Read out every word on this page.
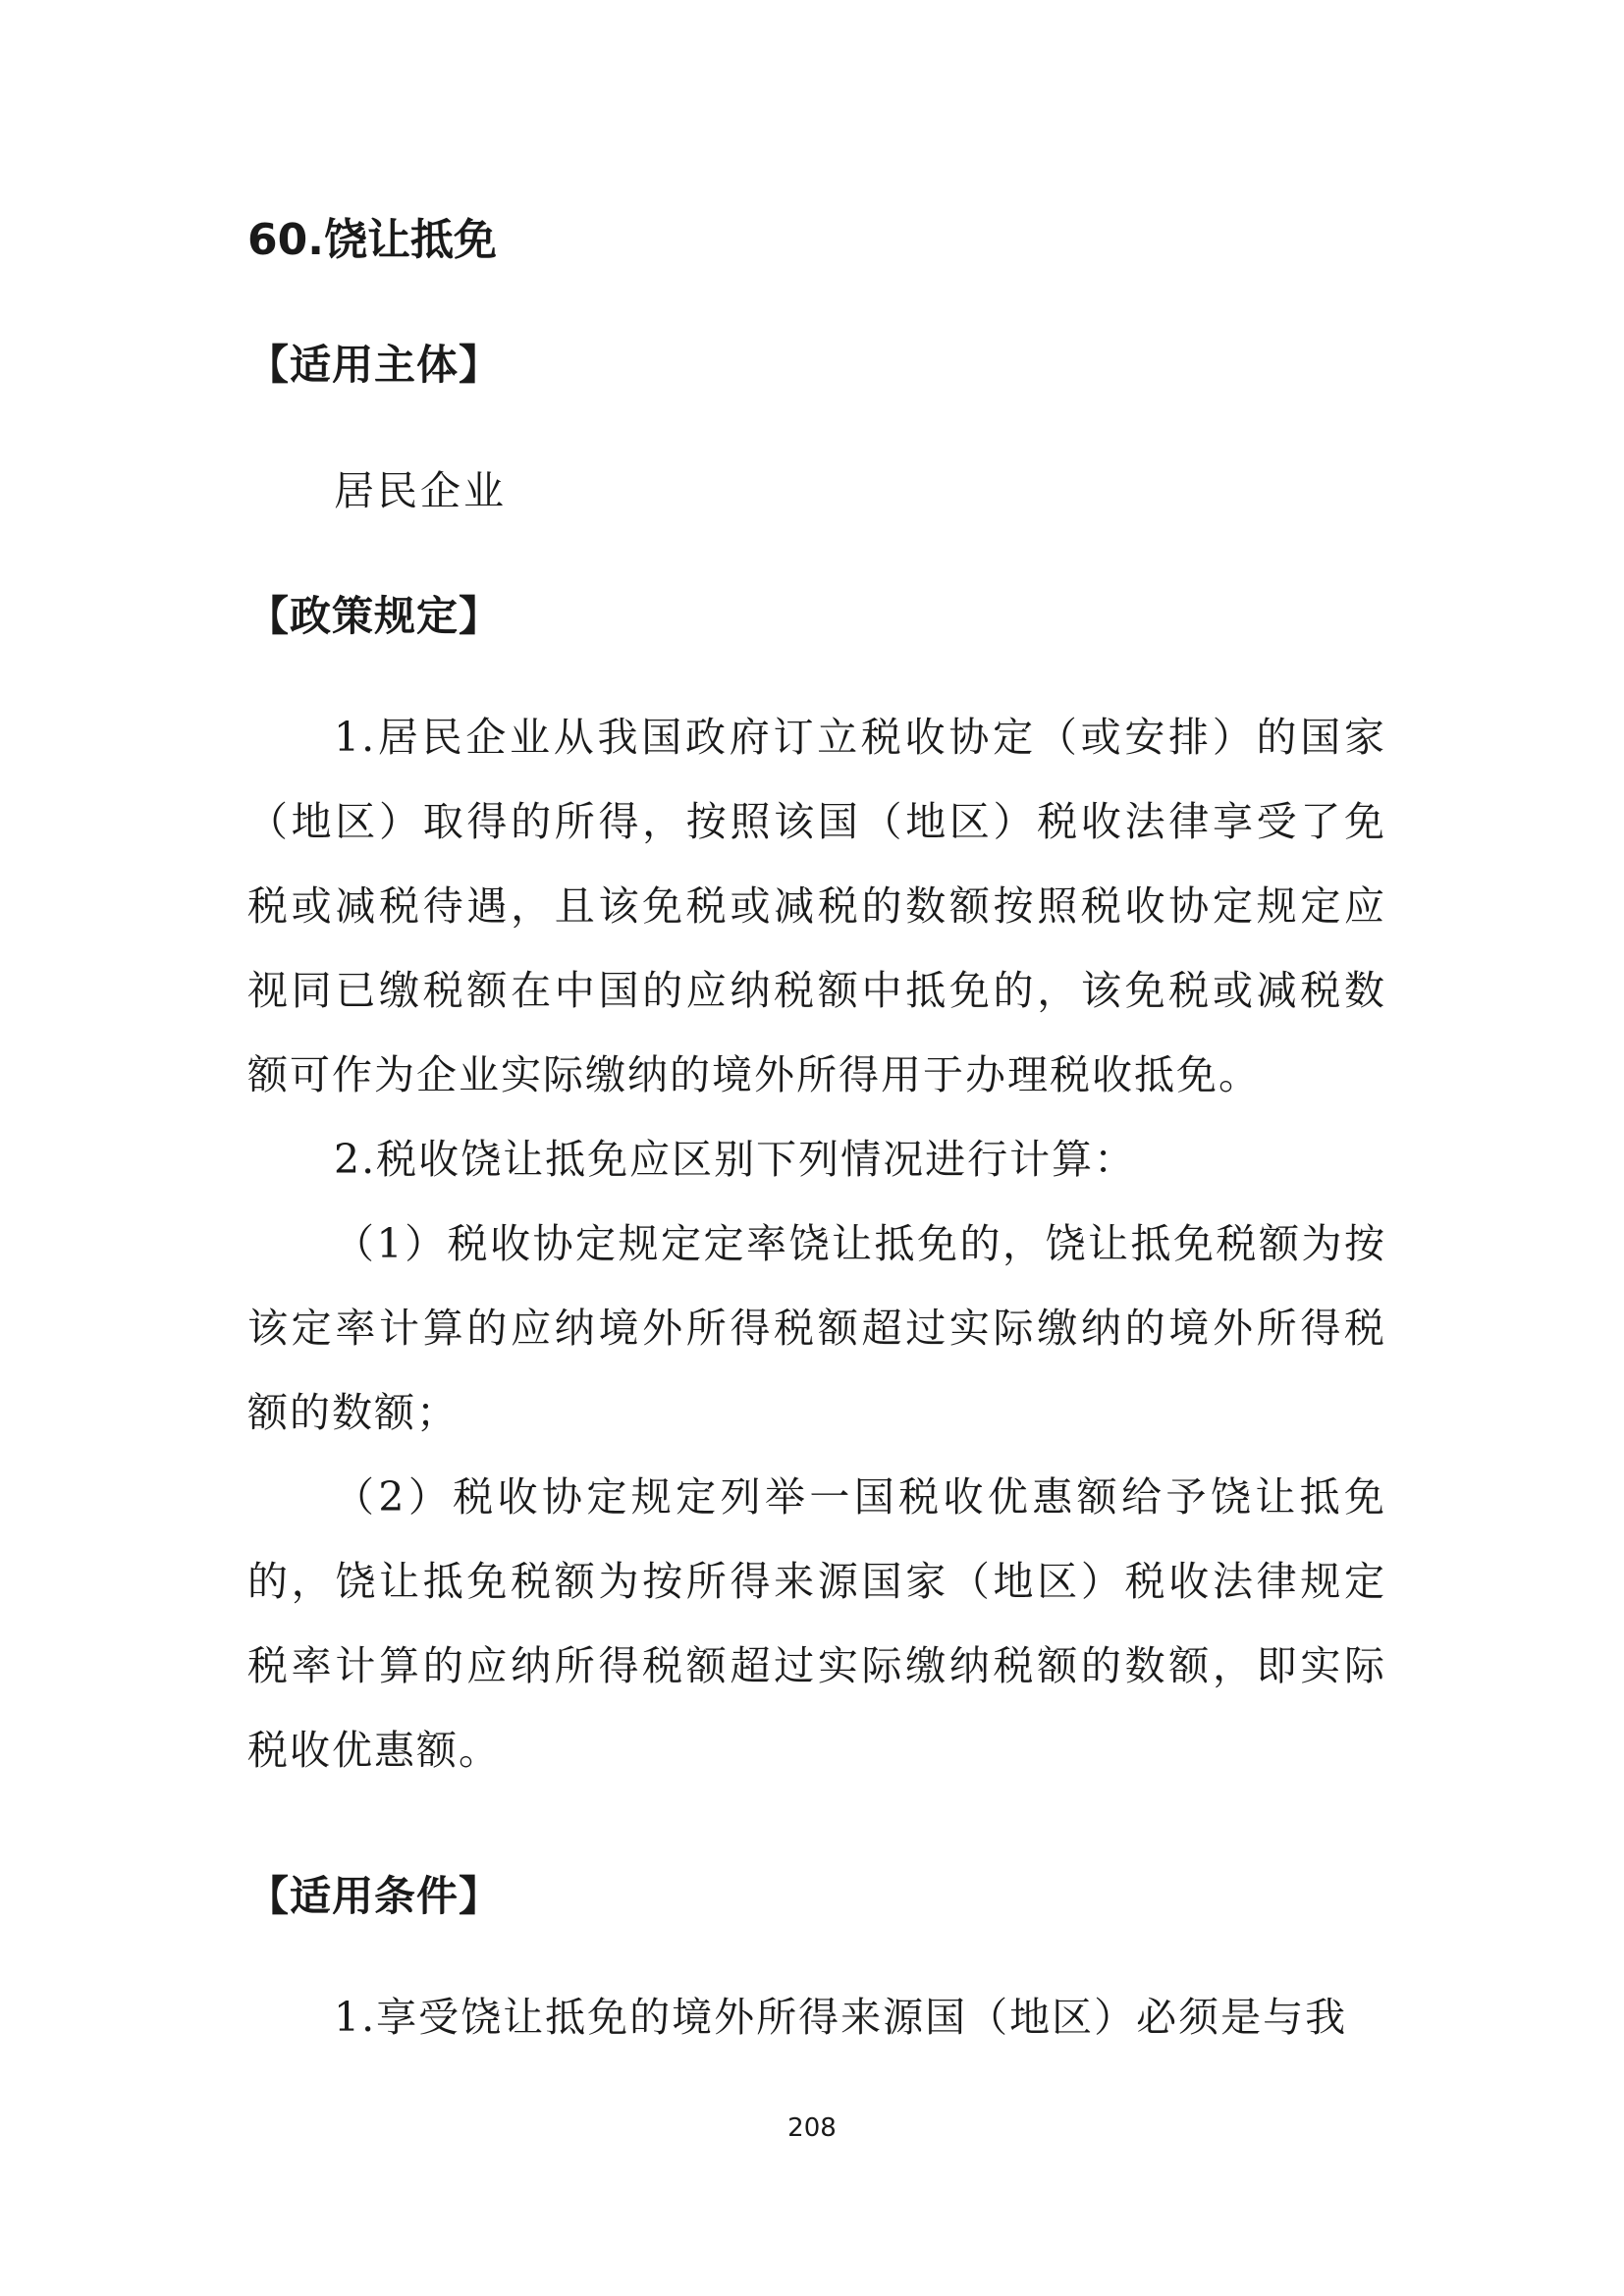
60.饶让抵免
【适用主体】

居民企业

【政策规定】

1.居民企业从我国政府订立税收协定（或安排）的国家（地区）取得的所得，按照该国（地区）税收法律享受了免税或减税待遇，且该免税或减税的数额按照税收协定规定应视同已缴税额在中国的应纳税额中抵免的，该免税或减税数额可作为企业实际缴纳的境外所得用于办理税收抵免。

2.税收饶让抵免应区别下列情况进行计算：

（1）税收协定规定定率饶让抵免的，饶让抵免税额为按该定率计算的应纳境外所得税额超过实际缴纳的境外所得税额的数额；

（2）税收协定规定列举一国税收优惠额给予饶让抵免的，饶让抵免税额为按所得来源国家（地区）税收法律规定税率计算的应纳所得税额超过实际缴纳税额的数额，即实际税收优惠额。

【适用条件】

1.享受饶让抵免的境外所得来源国（地区）必须是与我

208
